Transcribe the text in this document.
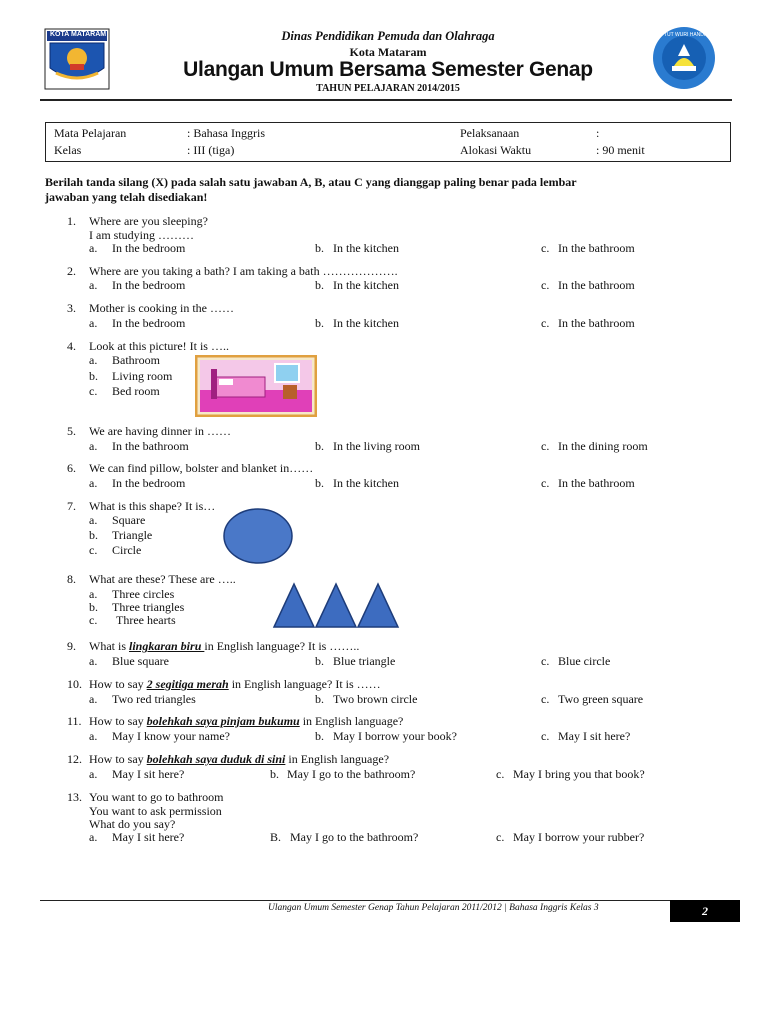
KOTA MATARAM	TUT WURI HANDAYANI
Dinas Pendidikan Pemuda dan Olahraga
Kota Mataram
Ulangan Umum Bersama Semester Genap
TAHUN PELAJARAN 2014/2015
Mata Pelajaran	: Bahasa Inggris
Kelas	: III (tiga)
Pelaksanaan	:
Alokasi Waktu	: 90 menit
Berilah tanda silang (X) pada salah satu jawaban A, B, atau C yang dianggap paling benar pada lembar
jawaban yang telah disediakan!
1. Where are you sleeping?
I am studying ………
a. In the bedroom	b. In the kitchen	c. In the bathroom
2. Where are you taking a bath? I am taking a bath ……………….
a. In the bedroom	b. In the kitchen	c. In the bathroom
3. Mother is cooking in the ……
a. In the bedroom	b. In the kitchen	c. In the bathroom
4. Look at this picture! It is …..
a. Bathroom
b. Living room
c. Bed room
5. We are having dinner in ……
a. In the bathroom	b. In the living room	c. In the dining room
6. We can find pillow, bolster and blanket in……
a. In the bedroom	b. In the kitchen	c. In the bathroom
7. What is this shape? It is…
a. Square
b. Triangle
c. Circle
8. What are these? These are …..
a. Three circles
b. Three triangles
c. Three hearts
9. What is lingkaran biru in English language? It is ……..
a. Blue square	b. Blue triangle	c. Blue circle
10. How to say 2 segitiga merah in English language? It is ……
a. Two red triangles	b. Two brown circle	c. Two green square
11. How to say bolehkah saya pinjam bukumu in English language?
a. May I know your name?	b. May I borrow your book?	c. May I sit here?
12. How to say bolehkah saya duduk di sini in English language?
a. May I sit here?	b. May I go to the bathroom?	c. May I bring you that book?
13. You want to go to bathroom
You want to ask permission
What do you say?
a. May I sit here?	B. May I go to the bathroom?	c. May I borrow your rubber?
Ulangan Umum Semester Genap Tahun Pelajaran 2011/2012 | Bahasa Inggris Kelas 3	2
